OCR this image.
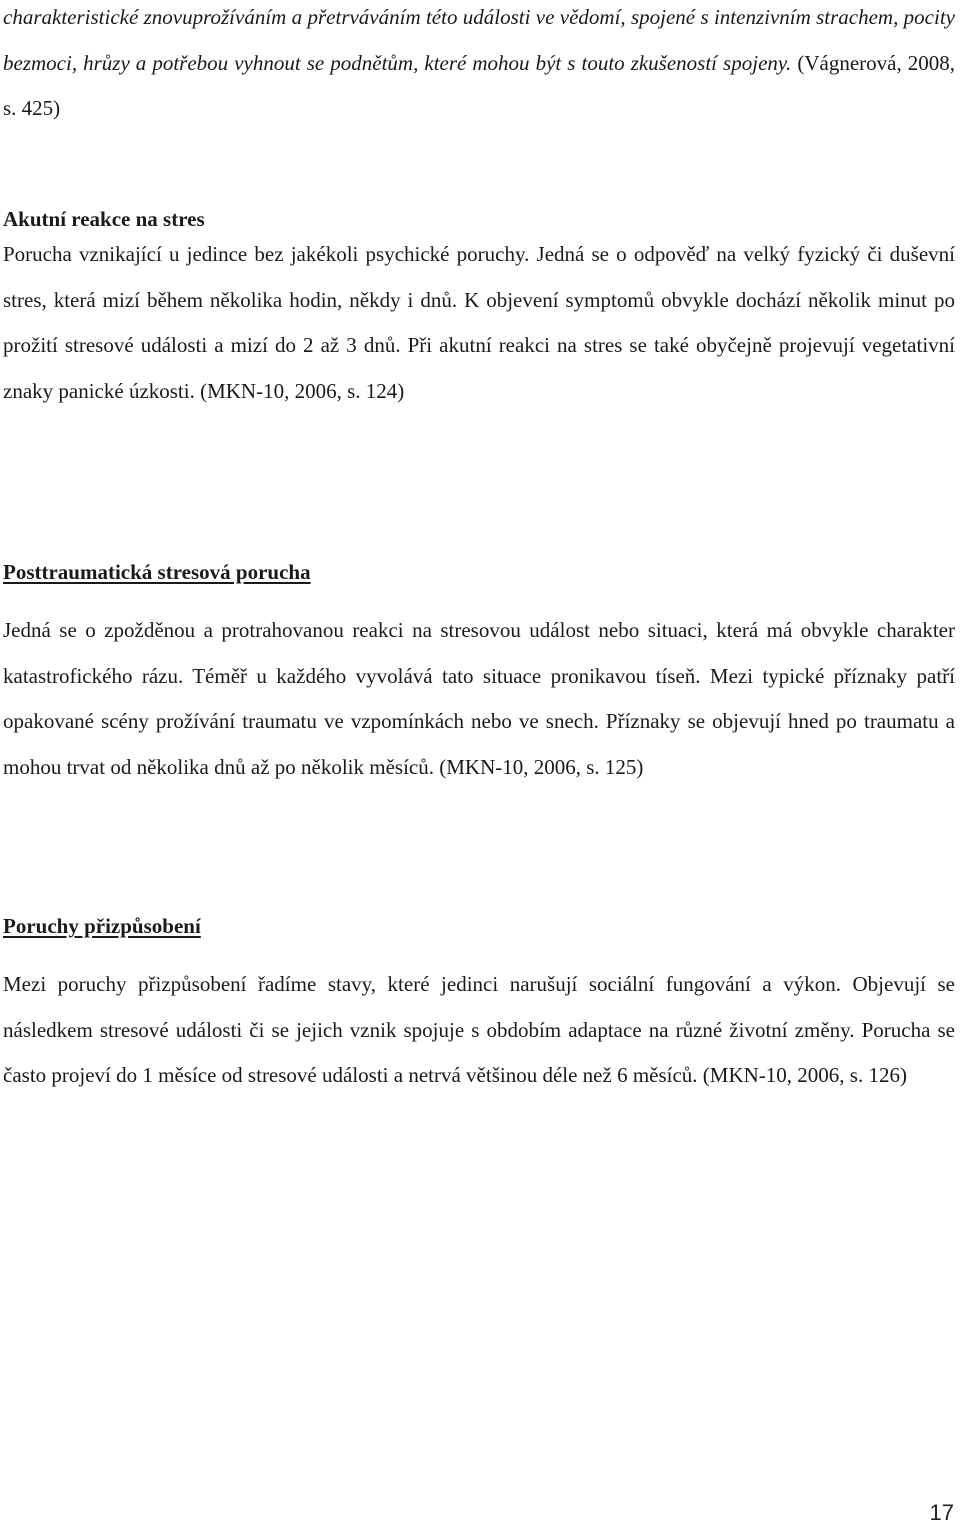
charakteristické znovuprožíváním a přetrváváním této události ve vědomí, spojené s intenzivním strachem, pocity bezmoci, hrůzy a potřebou vyhnout se podnětům, které mohou být s touto zkušeností spojeny. (Vágnerová, 2008, s. 425)

Akutní reakce na stres

Porucha vznikající u jedince bez jakékoli psychické poruchy. Jedná se o odpověď na velký fyzický či duševní stres, která mizí během několika hodin, někdy i dnů. K objevení symptomů obvykle dochází několik minut po prožití stresové události a mizí do 2 až 3 dnů. Při akutní reakci na stres se také obyčejně projevují vegetativní znaky panické úzkosti. (MKN-10, 2006, s. 124)

Posttraumatická stresová porucha

Jedná se o zpožděnou a protrahovanou reakci na stresovou událost nebo situaci, která má obvykle charakter katastrofického rázu. Téměř u každého vyvolává tato situace pronikavou tíseň. Mezi typické příznaky patří opakované scény prožívání traumatu ve vzpomínkách nebo ve snech. Příznaky se objevují hned po traumatu a mohou trvat od několika dnů až po několik měsíců. (MKN-10, 2006, s. 125)

Poruchy přizpůsobení

Mezi poruchy přizpůsobení řadíme stavy, které jedinci narušují sociální fungování a výkon. Objevují se následkem stresové události či se jejich vznik spojuje s obdobím adaptace na různé životní změny. Porucha se často projeví do 1 měsíce od stresové události a netrvá většinou déle než 6 měsíců. (MKN-10, 2006, s. 126)

17
